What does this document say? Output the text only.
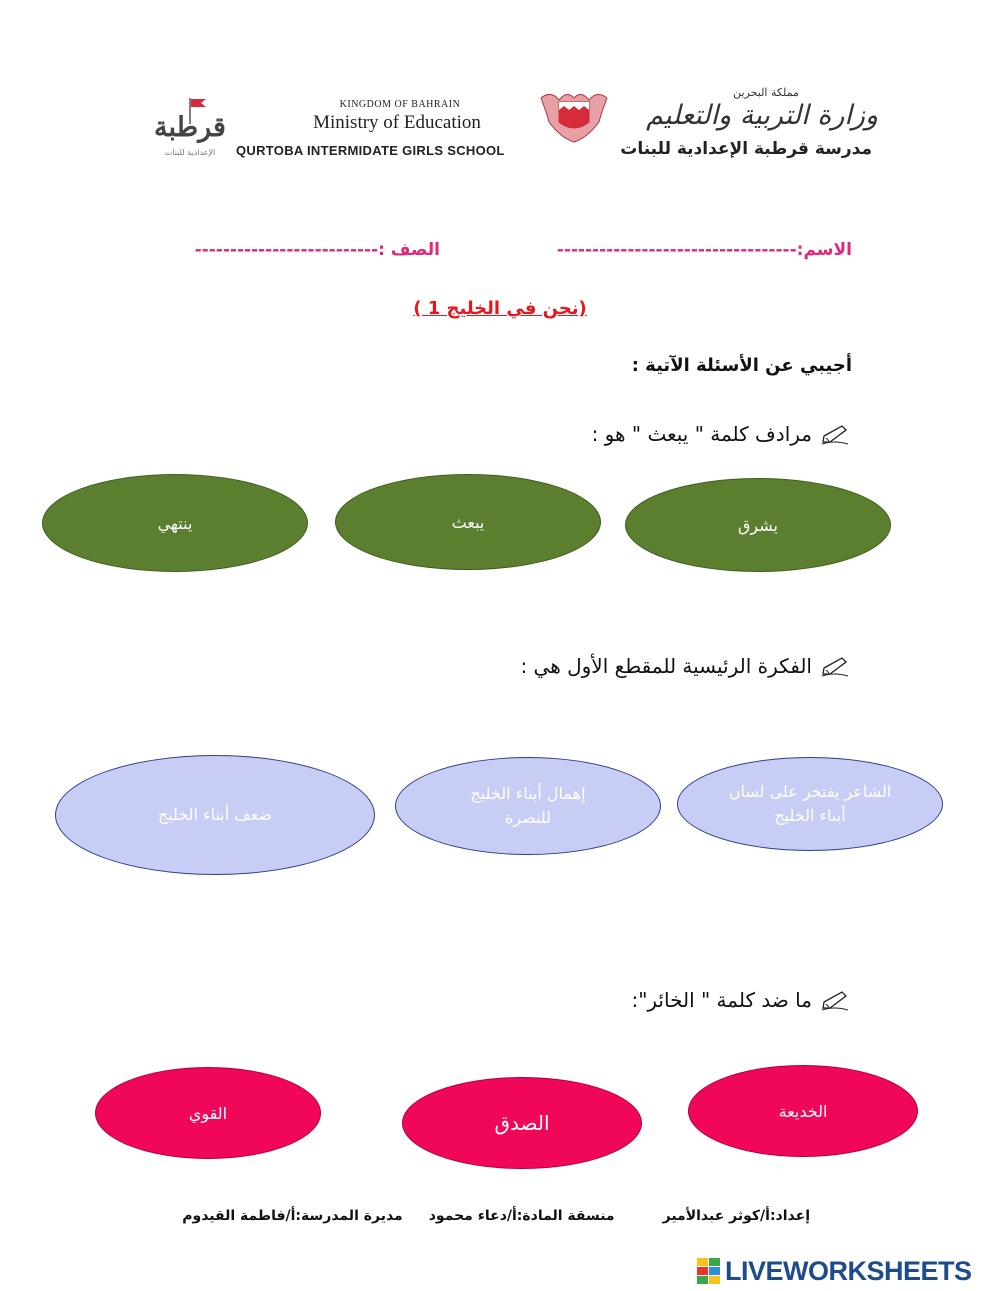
قرطبة
الإعدادية للبنات
KINGDOM OF BAHRAIN
Ministry of Education
QURTOBA INTERMIDATE GIRLS SCHOOL
مملكة البحرين
وزارة التربية والتعليم
مدرسة قرطبة الإعدادية للبنات
الاسم:----------------------------------
الصف :--------------------------
(نحن في الخليج 1 )
أجيبي عن الأسئلة الآتية :
مرادف كلمة " يبعث " هو :
يشرق
يبعث
ينتهي
الفكرة الرئيسية للمقطع الأول هي :
الشاعر يفتخر على لسان أبناء الخليج
إهمال أبناء الخليج للنصرة
ضعف أبناء الخليج
ما ضد كلمة " الخائر":
الخديعة
الصدق
القوي
إعداد:أ/كوثر عبدالأمير
منسقة المادة:أ/دعاء محمود
مديرة المدرسة:أ/فاطمة القيدوم
LIVEWORKSHEETS
